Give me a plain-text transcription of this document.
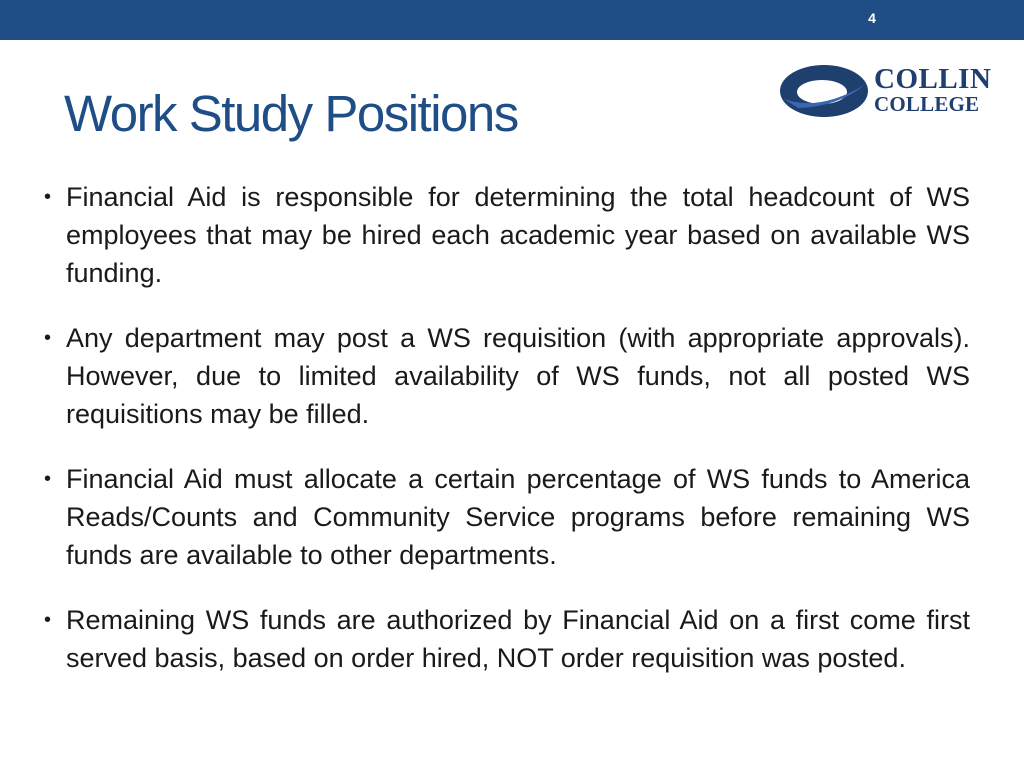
4
Work Study Positions
COLLIN
COLLEGE
• Financial Aid is responsible for determining the total headcount of WS employees that may be hired each academic year based on available WS funding.
• Any department may post a WS requisition (with appropriate approvals). However, due to limited availability of WS funds, not all posted WS requisitions may be filled.
• Financial Aid must allocate a certain percentage of WS funds to America Reads/Counts and Community Service programs before remaining WS funds are available to other departments.
• Remaining WS funds are authorized by Financial Aid on a first come first served basis, based on order hired, NOT order requisition was posted.
